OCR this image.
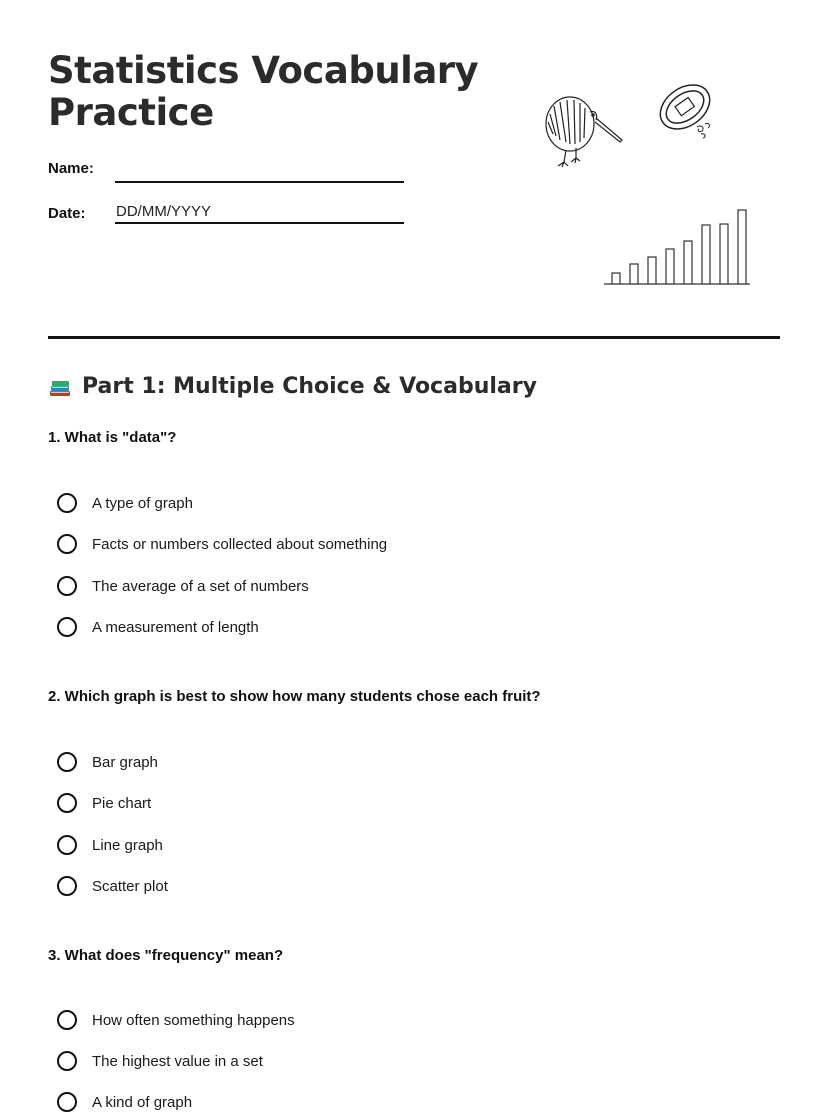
Statistics Vocabulary Practice
Name:
Date: DD/MM/YYYY
Part 1: Multiple Choice & Vocabulary

1. What is "data"?

A type of graph
Facts or numbers collected about something
The average of a set of numbers
A measurement of length

2. Which graph is best to show how many students chose each fruit?

Bar graph
Pie chart
Line graph
Scatter plot

3. What does "frequency" mean?

How often something happens
The highest value in a set
A kind of graph
